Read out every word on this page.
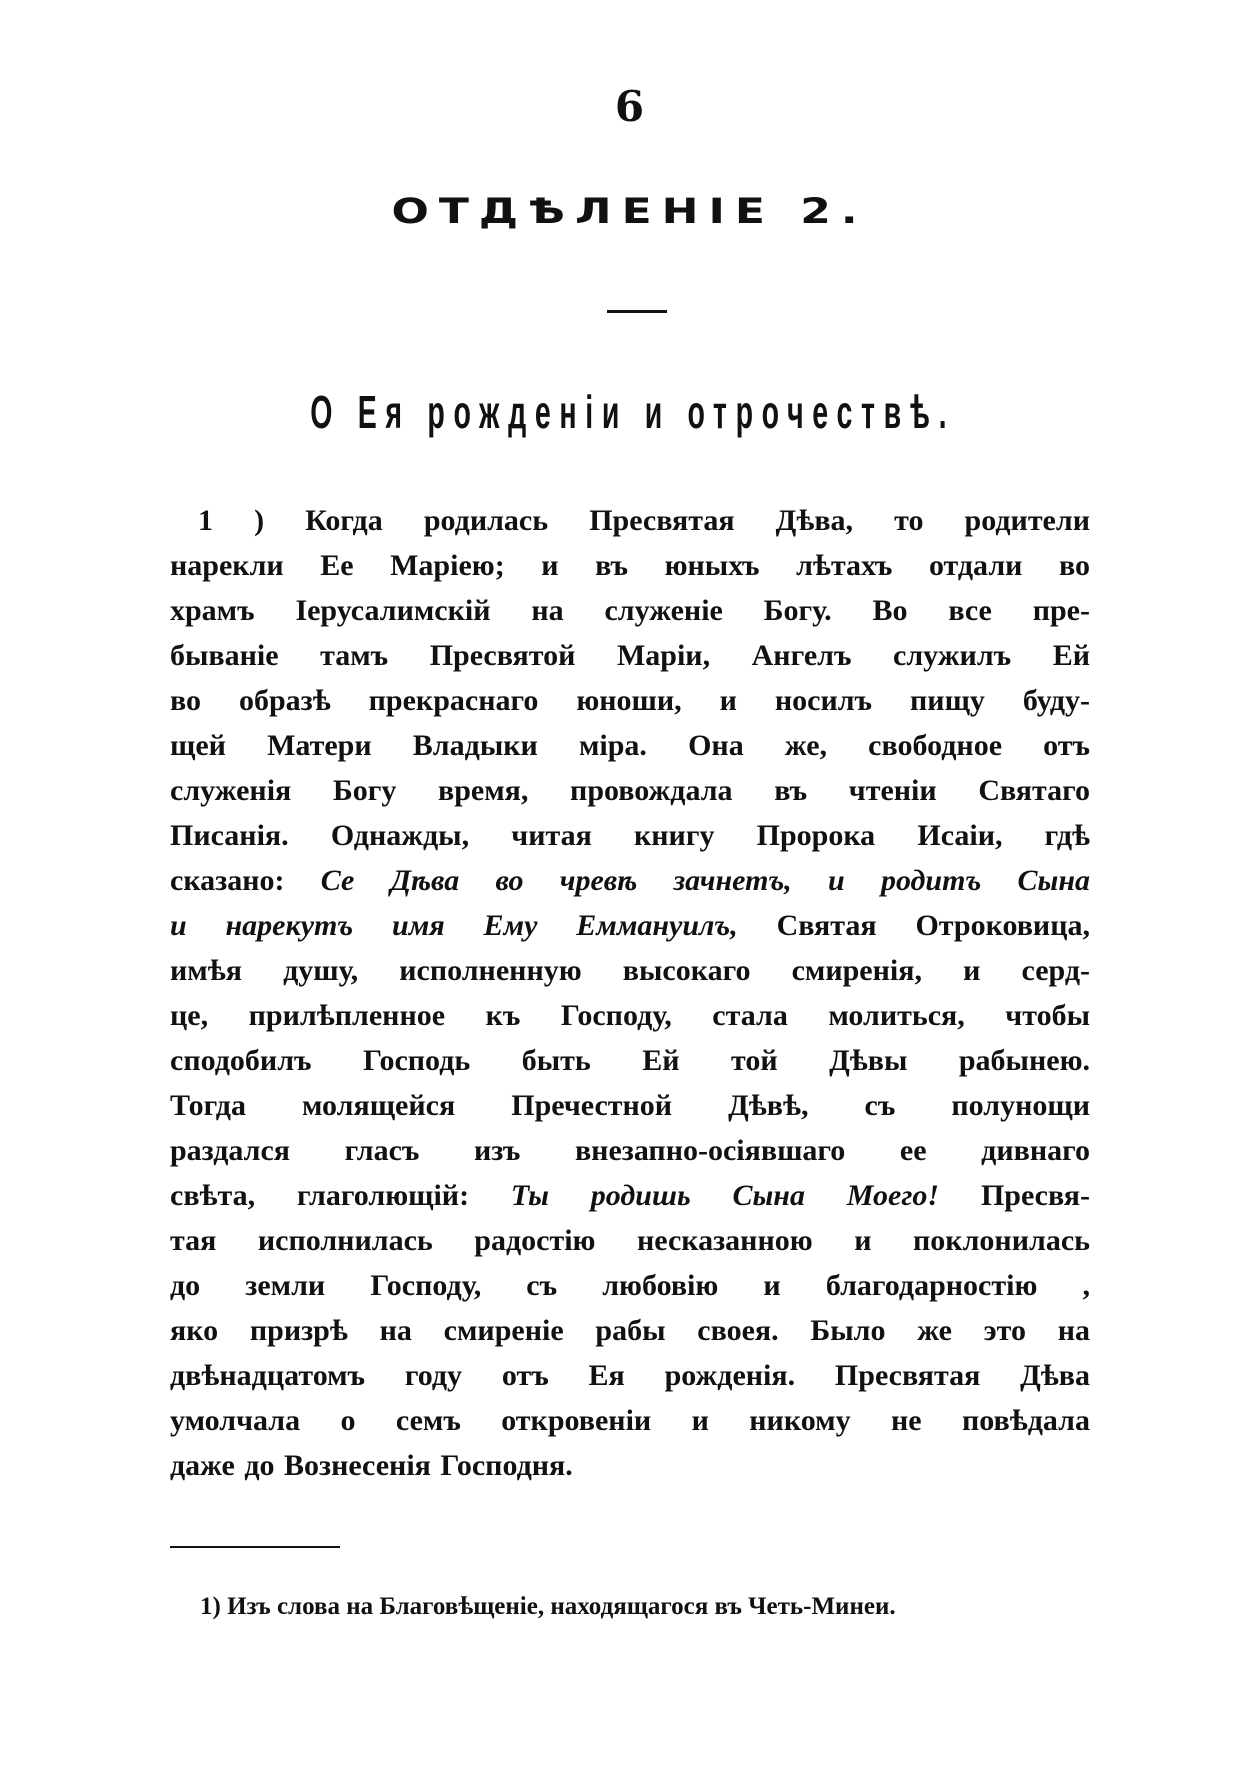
6
ОТДѢЛЕНІЕ 2.
О Ея рожденіи и отрочествѣ.
1 ) Когда родилась Пресвятая Дѣва, то родители
нарекли Ее Маріею; и въ юныхъ лѣтахъ отдали во
храмъ Іерусалимскій на служеніе Богу. Во все пре-
быванiе тамъ Пресвятой Маріи, Ангелъ служилъ Ей
во образѣ прекраснаго юноши, и носилъ пищу буду-
щей Матери Владыки міра. Она же, свободное отъ
служенія Богу время, провождала въ чтеніи Святаго
Писанія. Однажды, читая книгу Пророка Исаіи, гдѣ
сказано: Се Дѣва во чревѣ зачнетъ, и родитъ Сына
и нарекутъ имя Ему Еммануилъ, Святая Отроковица,
имѣя душу, исполненную высокаго смиренія, и серд-
це, прилѣпленное къ Господу, стала молиться, чтобы
сподобилъ Господь быть Ей той Дѣвы рабынею.
Тогда молящейся Пречестной Дѣвѣ, съ полунощи
раздался гласъ изъ внезапно-осіявшаго ее дивнаго
свѣта, глаголющій: Ты родишь Сына Моего! Пресвя-
тая исполнилась радостію несказанною и поклонилась
до земли Господу, съ любовію и благодарностію ,
яко призрѣ на смиреніе рабы своея. Было же это на
двѣнадцатомъ году отъ Ея рожденія. Пресвятая Дѣва
умолчала о семъ откровеніи и никому не повѣдала
даже до Вознесенія Господня.
1) Изъ слова на Благовѣщеніе, находящагося въ Четь-Минеи.
